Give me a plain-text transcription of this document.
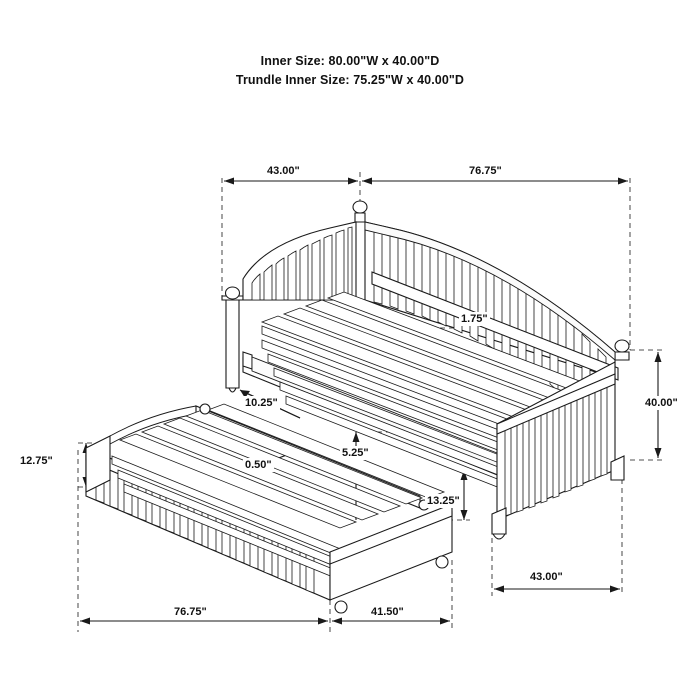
Inner Size: 80.00"W x 40.00"D
Trundle Inner Size: 75.25"W x 40.00"D
43.00"	76.75"
1.75"
40.00"
10.25"
0.50"
5.25"
13.25"
12.75"
43.00"
76.75"	41.50"
